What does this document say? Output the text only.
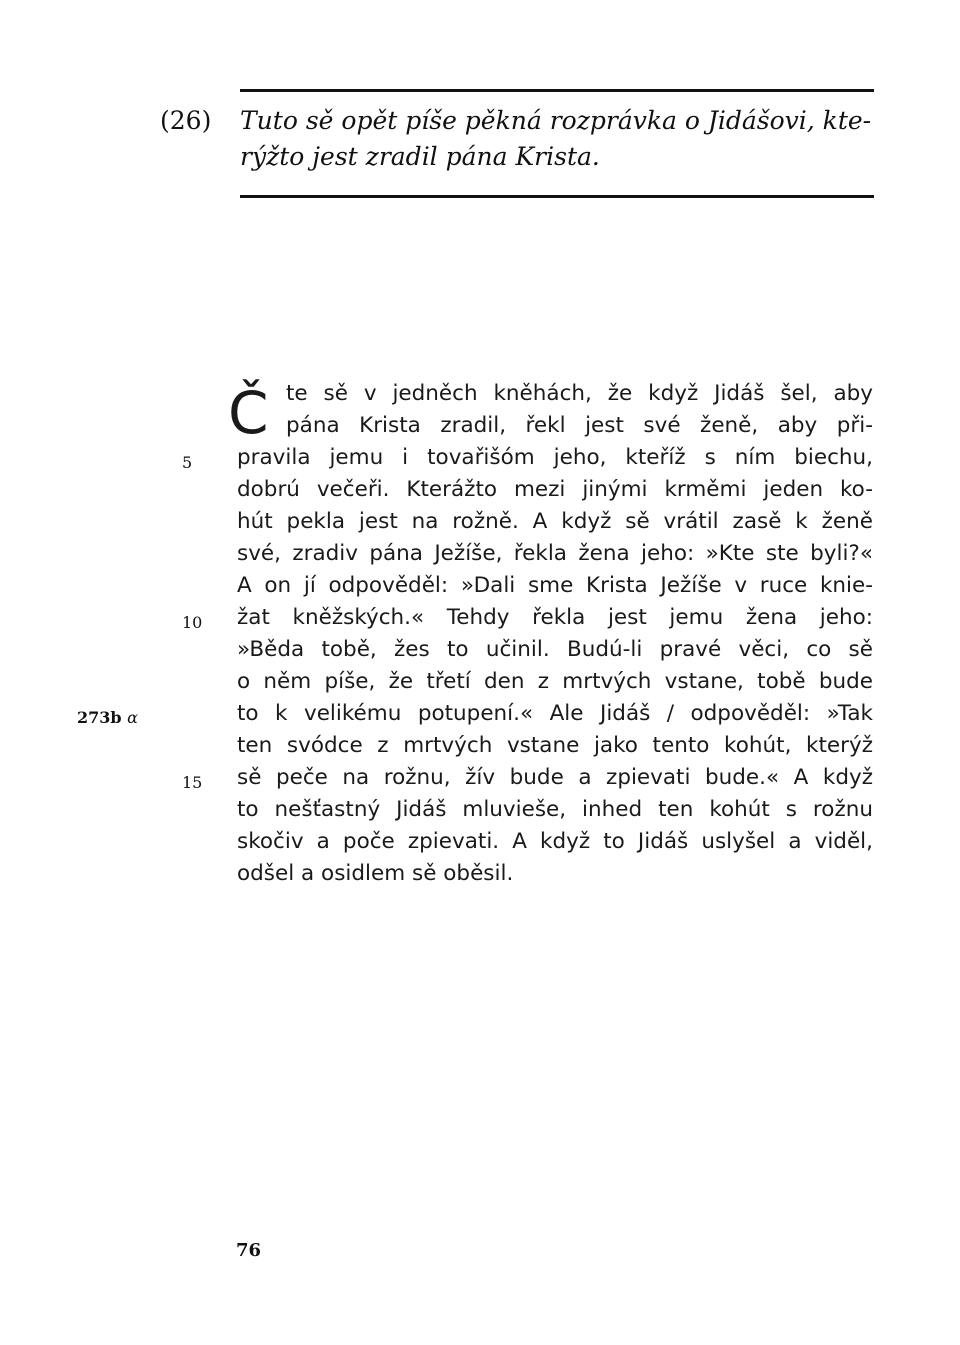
(26) Tuto sě opět píše pěkná rozprávka o Jidášovi, kte-
rýžto jest zradil pána Krista.
Č te sě v jedněch kněhách, že když Jidáš šel, aby
pána Krista zradil, řekl jest své ženě, aby při-
pravila jemu i tovařišóm jeho, kteříž s ním biechu,
dobrú večeři. Kterážto mezi jinými krměmi jeden ko-
hút pekla jest na rožně. A když sě vrátil zasě k ženě
své, zradiv pána Ježíše, řekla žena jeho: »Kte ste byli?«
A on jí odpověděl: »Dali sme Krista Ježíše v ruce knie-
žat kněžských.« Tehdy řekla jest jemu žena jeho:
»Běda tobě, žes to učinil. Budú-li pravé věci, co sě
o něm píše, že třetí den z mrtvých vstane, tobě bude
to k velikému potupení.« Ale Jidáš / odpověděl: »Tak
ten svódce z mrtvých vstane jako tento kohút, kterýž
sě peče na rožnu, žív bude a zpievati bude.« A když
to nešťastný Jidáš mluvieše, inhed ten kohút s rožnu
skočiv a poče zpievati. A když to Jidáš uslyšel a viděl,
odšel a osidlem sě oběsil.
5
10
15
273b α
76
